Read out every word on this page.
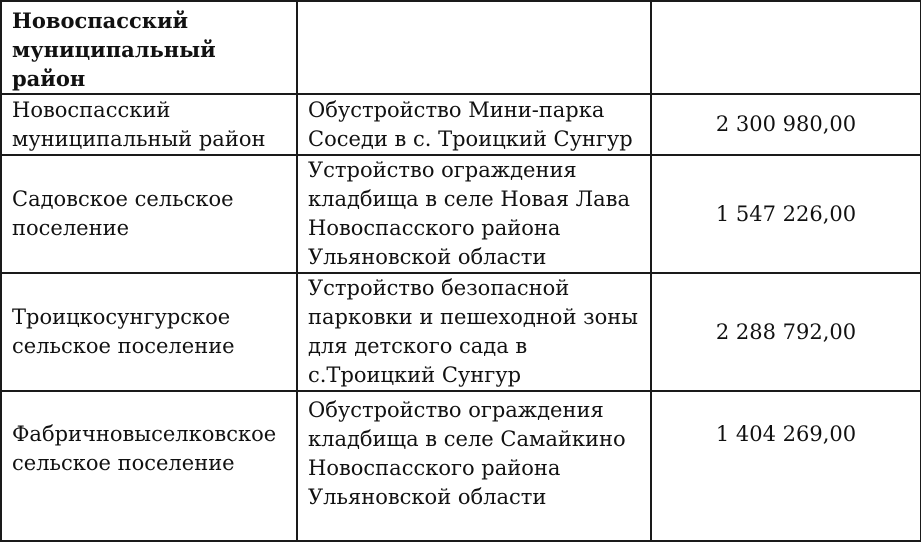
Новоспасский муниципальный район		
Новоспасский муниципальный район	Обустройство Мини-парка Соседи в с. Троицкий Сунгур	2 300 980,00
Садовское сельское поселение	Устройство ограждения кладбища в селе Новая Лава Новоспасского района Ульяновской области	1 547 226,00
Троицкосунгурское сельское поселение	Устройство безопасной парковки и пешеходной зоны для детского сада в с.Троицкий Сунгур	2 288 792,00
Фабричновыселковское сельское поселение	Обустройство ограждения кладбища в селе Самайкино Новоспасского района Ульяновской области	1 404 269,00
